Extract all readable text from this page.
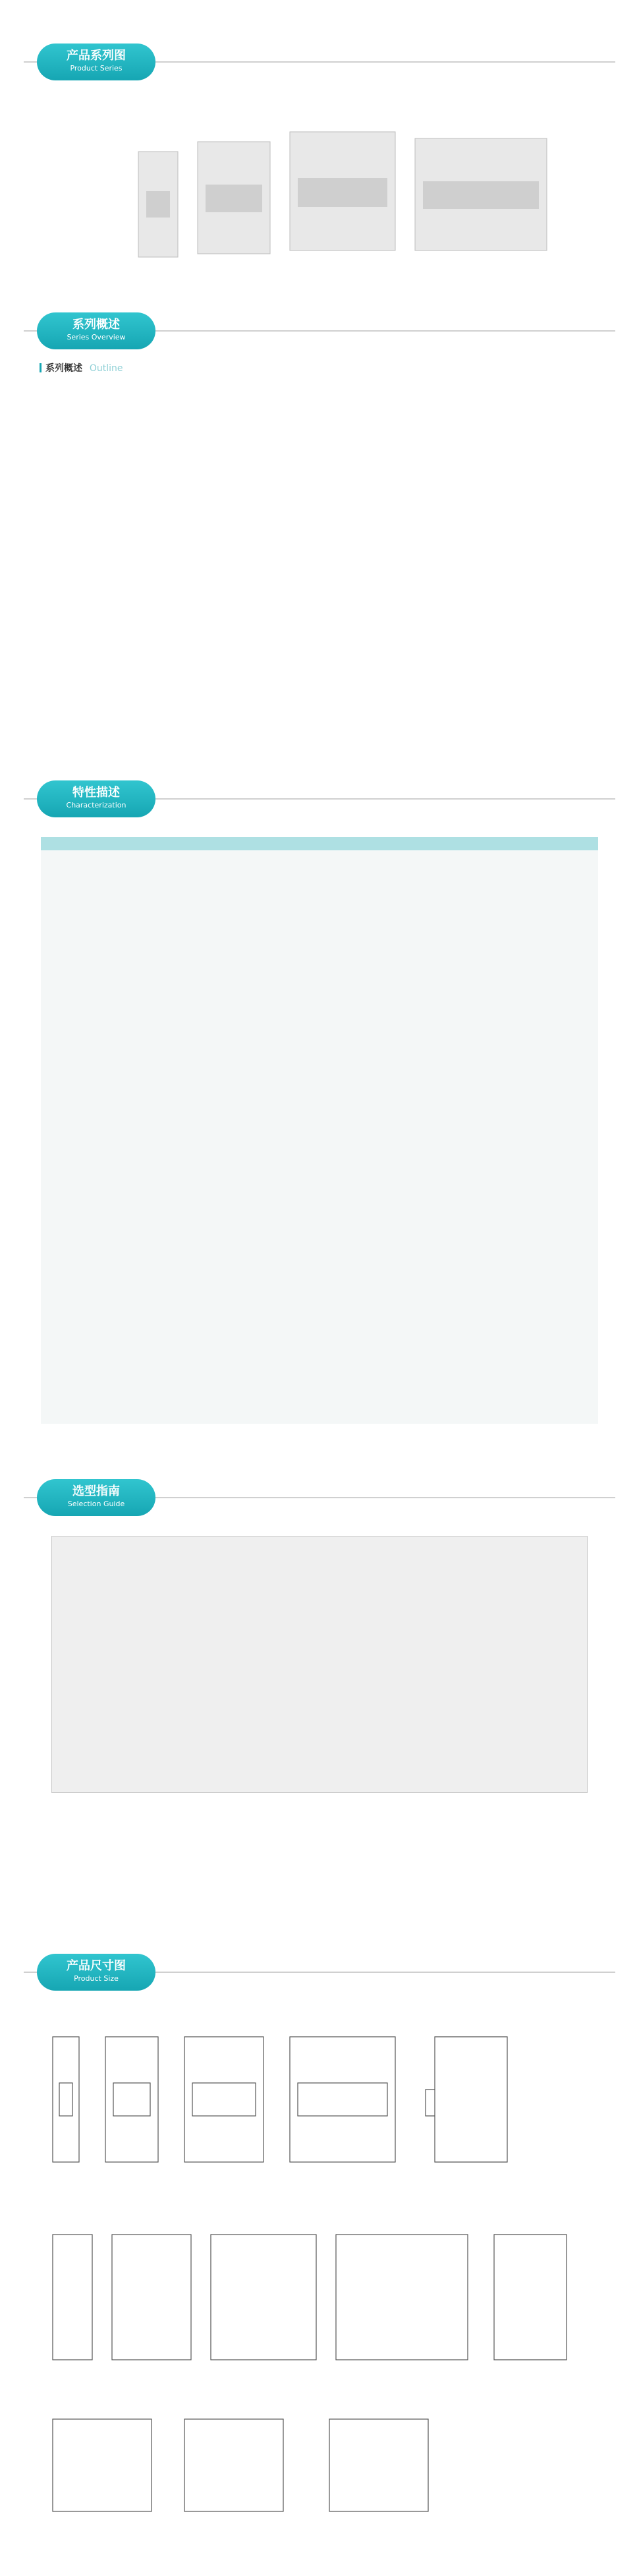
产品系列图
Product Series
系列概述
Series Overview
系列概述 Outline
特性描述
Characterization
选型指南
Selection Guide
产品尺寸图
Product Size
